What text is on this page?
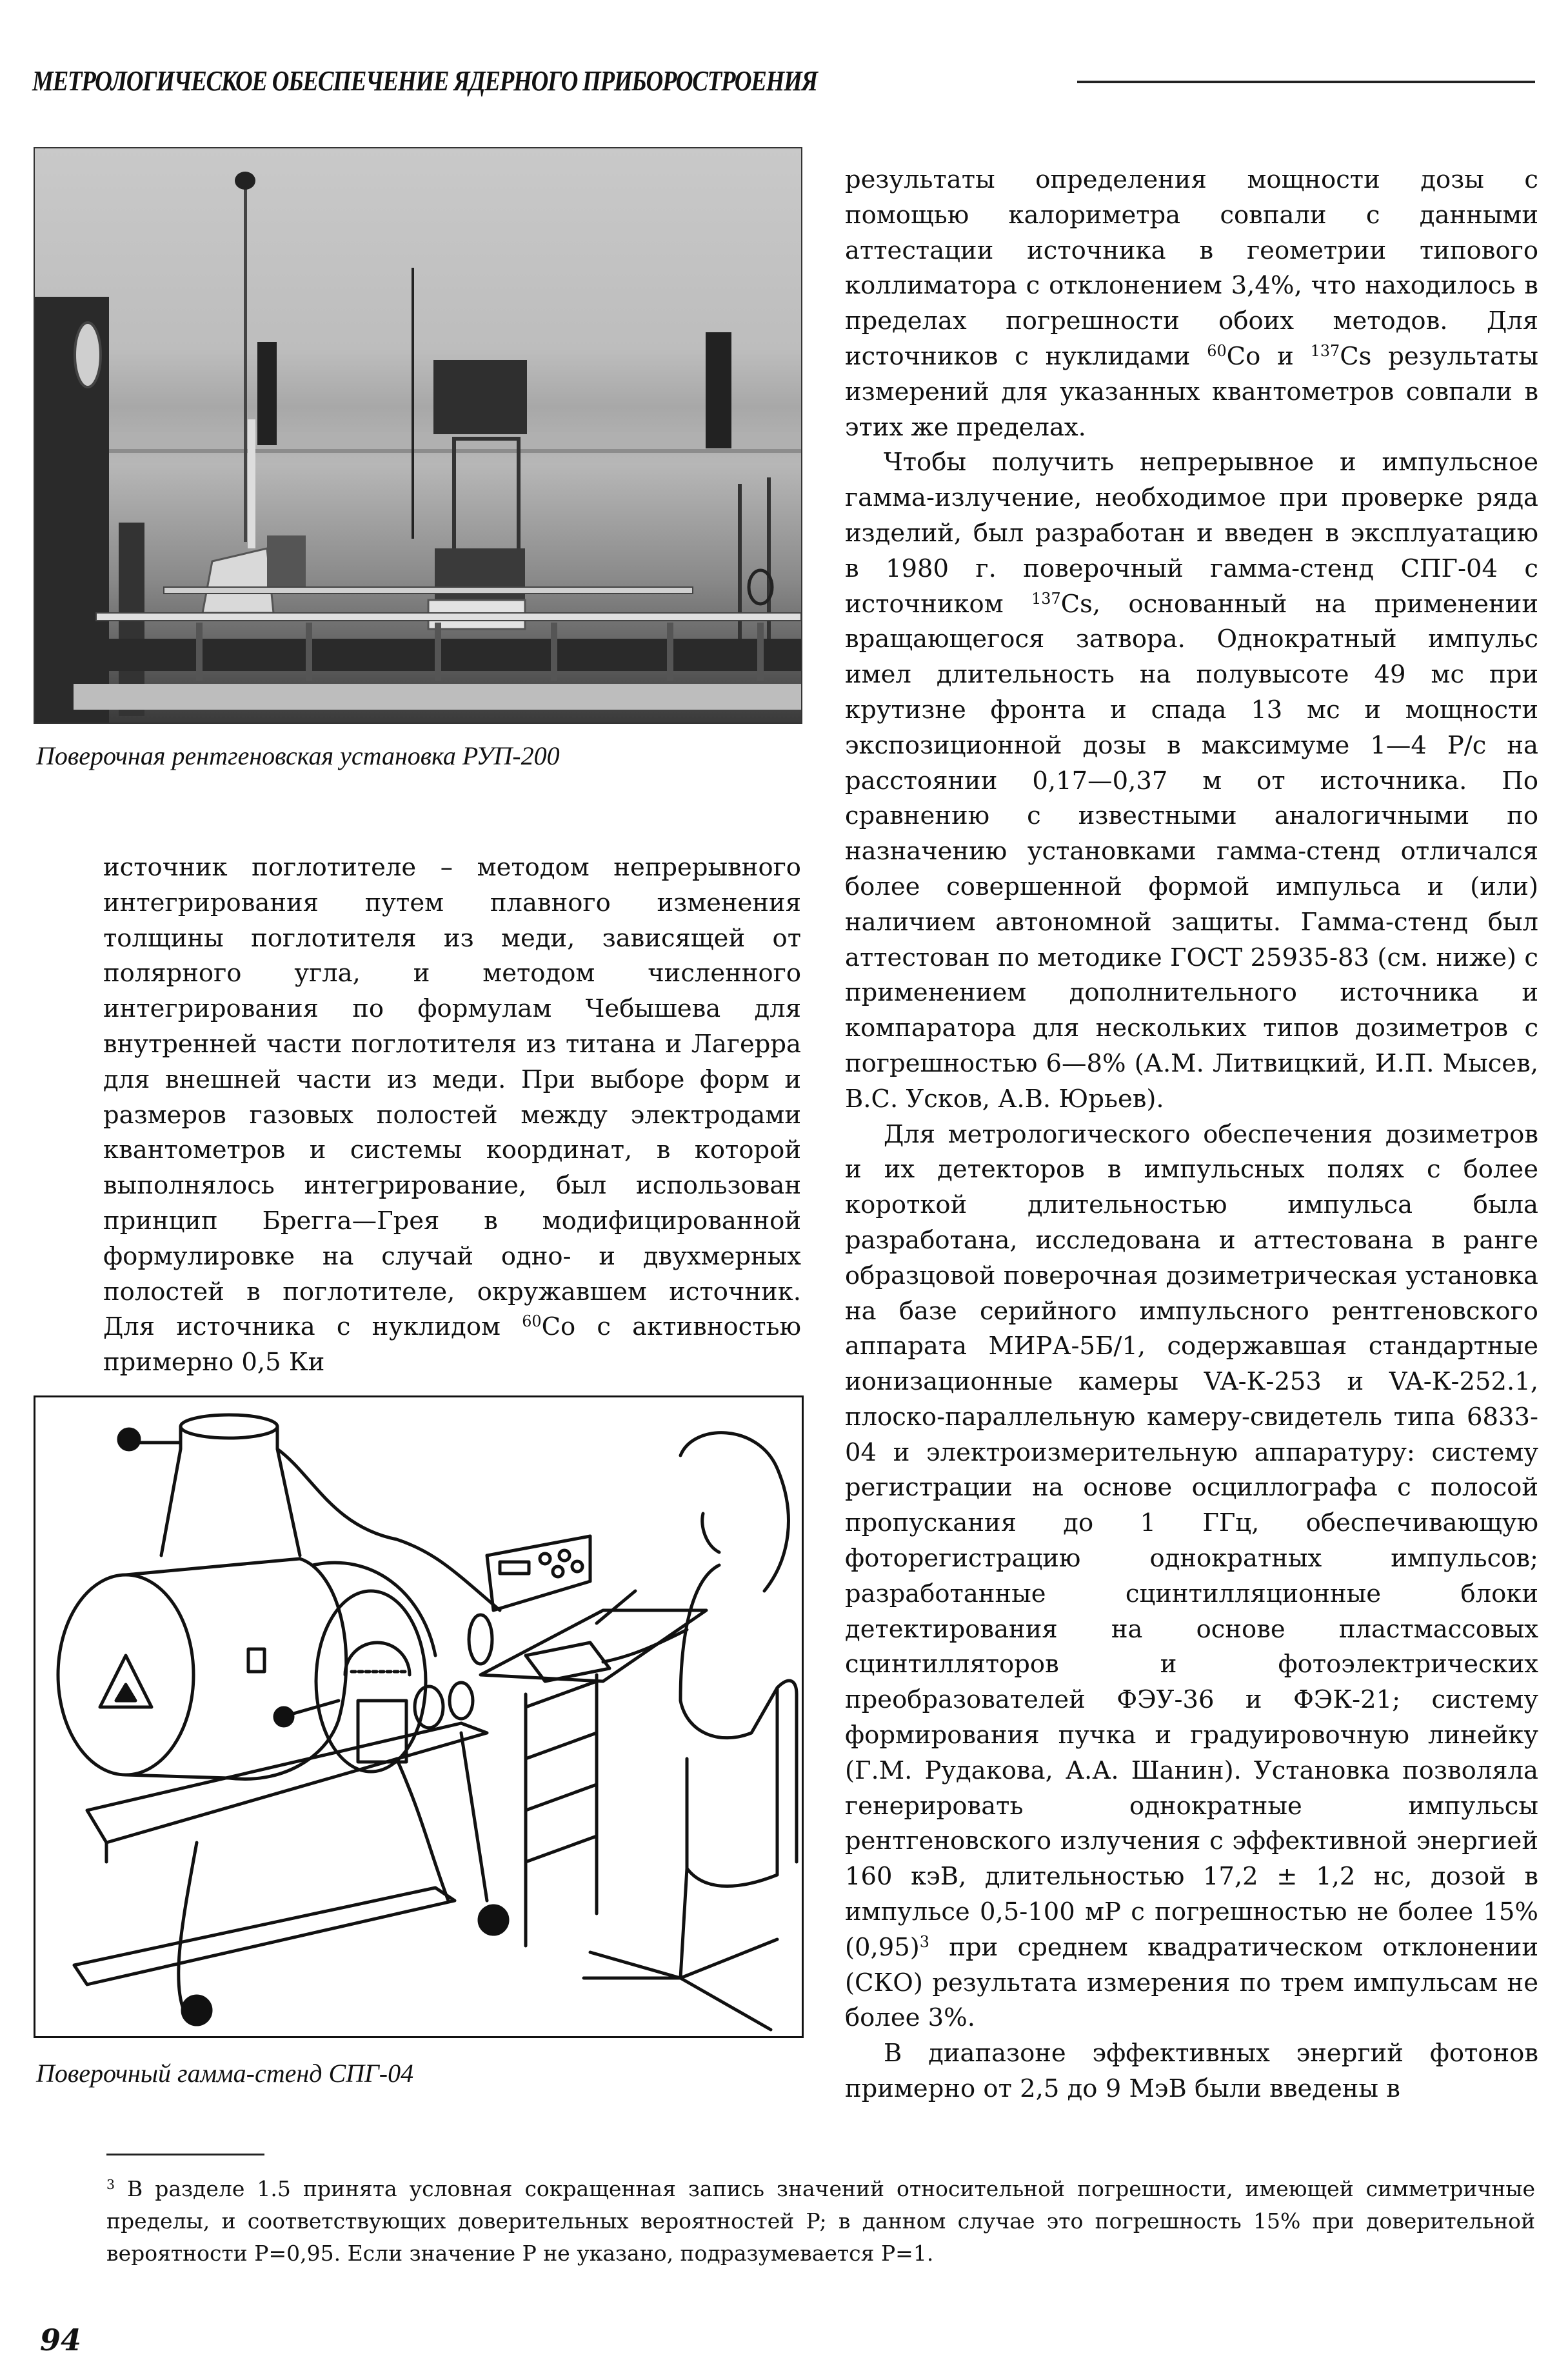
МЕТРОЛОГИЧЕСКОЕ ОБЕСПЕЧЕНИЕ ЯДЕРНОГО ПРИБОРОСТРОЕНИЯ
Поверочная рентгеновская установка РУП-200

источник поглотителе – методом непрерывного интегрирования путем плавного изменения толщины поглотителя из меди, зависящей от полярного угла, и методом численного интегрирования по формулам Чебышева для внутренней части поглотителя из титана и Лагерра для внешней части из меди. При выборе форм и размеров газовых полостей между электродами квантометров и системы координат, в которой выполнялось интегрирование, был использован принцип Брегга—Грея в модифицированной формулировке на случай одно- и двухмерных полостей в поглотителе, окружавшем источник. Для источника с нуклидом $^{60}$Co с активностью примерно 0,5 Ки

Поверочный гамма-стенд СПГ-04

результаты определения мощности дозы с помощью калориметра совпали с данными аттестации источника в геометрии типового коллиматора с отклонением 3,4%, что находилось в пределах погрешности обоих методов. Для источников с нуклидами $^{60}$Co и $^{137}$Cs результаты измерений для указанных квантометров совпали в этих же пределах.

Чтобы получить непрерывное и импульсное гамма-излучение, необходимое при проверке ряда изделий, был разработан и введен в эксплуатацию в 1980 г. поверочный гамма-стенд СПГ-04 с источником $^{137}$Cs, основанный на применении вращающегося затвора. Однократный импульс имел длительность на полувысоте 49 мс при крутизне фронта и спада 13 мс и мощности экспозиционной дозы в максимуме 1—4 Р/с на расстоянии 0,17—0,37 м от источника. По сравнению с известными аналогичными по назначению установками гамма-стенд отличался более совершенной формой импульса и (или) наличием автономной защиты. Гамма-стенд был аттестован по методике ГОСТ 25935-83 (см. ниже) с применением дополнительного источника и компаратора для нескольких типов дозиметров с погрешностью 6—8% (А.М. Литвицкий, И.П. Мысев, В.С. Усков, А.В. Юрьев).

Для метрологического обеспечения дозиметров и их детекторов в импульсных полях с более короткой длительностью импульса была разработана, исследована и аттестована в ранге образцовой поверочная дозиметрическая установка на базе серийного импульсного рентгеновского аппарата МИРА-5Б/1, содержавшая стандартные ионизационные камеры VA-К-253 и VA-К-252.1, плоско-параллельную камеру-свидетель типа 6833-04 и электроизмерительную аппаратуру: систему регистрации на основе осциллографа с полосой пропускания до 1 ГГц, обеспечивающую фоторегистрацию однократных импульсов; разработанные сцинтилляционные блоки детектирования на основе пластмассовых сцинтилляторов и фотоэлектрических преобразователей ФЭУ-36 и ФЭК-21; систему формирования пучка и градуировочную линейку (Г.М. Рудакова, А.А. Шанин). Установка позволяла генерировать однократные импульсы рентгеновского излучения с эффективной энергией 160 кэВ, длительностью 17,2 ± 1,2 нс, дозой в импульсе 0,5-100 мР с погрешностью не более 15% $(0,95)^3$ при среднем квадратическом отклонении (СКО) результата измерения по трем импульсам не более 3%.

В диапазоне эффективных энергий фотонов примерно от 2,5 до 9 МэВ были введены в

$^3$ В разделе 1.5 принята условная сокращенная запись значений относительной погрешности, имеющей симметричные пределы, и соответствующих доверительных вероятностей P; в данном случае это погрешность 15% при доверительной вероятности P=0,95. Если значение P не указано, подразумевается P=1.

94
